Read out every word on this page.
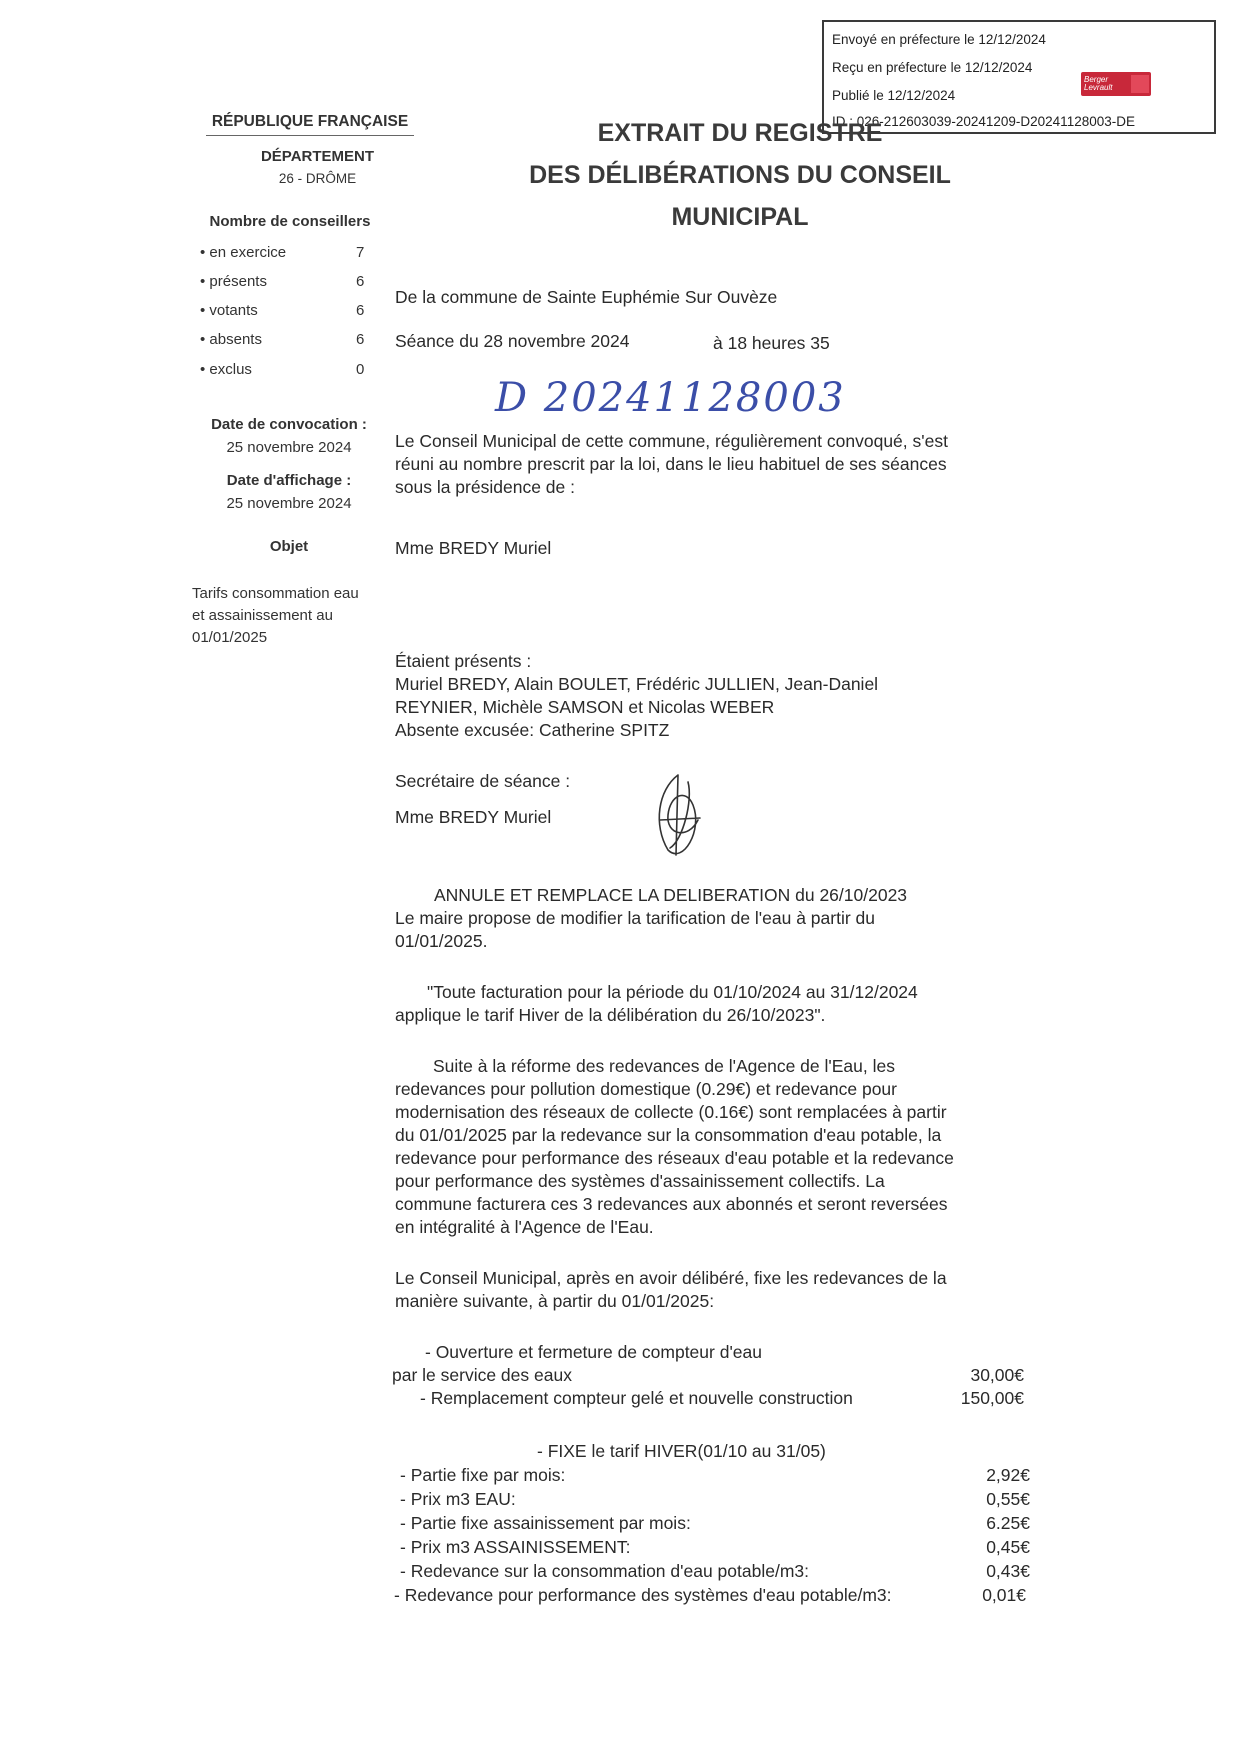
Envoyé en préfecture le 12/12/2024
Reçu en préfecture le 12/12/2024
Publié le 12/12/2024
ID : 026-212603039-20241209-D20241128003-DE
Berger
Levrault
RÉPUBLIQUE FRANÇAISE
DÉPARTEMENT
26 - DRÔME
Nombre de conseillers
• en exercice	7
• présents	6
• votants	6
• absents	6
• exclus	0
Date de convocation :
25 novembre 2024
Date d'affichage :
25 novembre 2024
Objet
Tarifs consommation eau
et assainissement au
01/01/2025
EXTRAIT DU REGISTRE
DES DÉLIBÉRATIONS DU CONSEIL
MUNICIPAL
De la commune de Sainte Euphémie Sur Ouvèze
Séance du 28 novembre 2024	à 18 heures 35
D 20241128003
Le Conseil Municipal de cette commune, régulièrement convoqué, s'est
réuni au nombre prescrit par la loi, dans le lieu habituel de ses séances
sous la présidence de :
Mme BREDY Muriel
Étaient présents :
Muriel BREDY, Alain BOULET, Frédéric JULLIEN, Jean-Daniel
REYNIER, Michèle SAMSON et Nicolas WEBER
Absente excusée: Catherine SPITZ
Secrétaire de séance :
Mme BREDY Muriel
ANNULE ET REMPLACE LA DELIBERATION du 26/10/2023
Le maire propose de modifier la tarification de l'eau à partir du
01/01/2025.
"Toute facturation pour la période du 01/10/2024 au 31/12/2024
applique le tarif Hiver de la délibération du 26/10/2023".
Suite à la réforme des redevances de l'Agence de l'Eau, les
redevances pour pollution domestique (0.29€) et redevance pour
modernisation des réseaux de collecte (0.16€) sont remplacées à partir
du 01/01/2025 par la redevance sur la consommation d'eau potable, la
redevance pour performance des réseaux d'eau potable et la redevance
pour performance des systèmes d'assainissement collectifs. La
commune facturera ces 3 redevances aux abonnés et seront reversées
en intégralité à l'Agence de l'Eau.
Le Conseil Municipal, après en avoir délibéré, fixe les redevances de la
manière suivante, à partir du 01/01/2025:
- Ouverture et fermeture de compteur d'eau
par le service des eaux	30,00€
- Remplacement compteur gelé et nouvelle construction	150,00€
- FIXE le tarif HIVER(01/10 au 31/05)
- Partie fixe par mois:	2,92€
- Prix m3 EAU:	0,55€
- Partie fixe assainissement par mois:	6.25€
- Prix m3 ASSAINISSEMENT:	0,45€
- Redevance sur la consommation d'eau potable/m3:	0,43€
- Redevance pour performance des systèmes d'eau potable/m3:	0,01€
